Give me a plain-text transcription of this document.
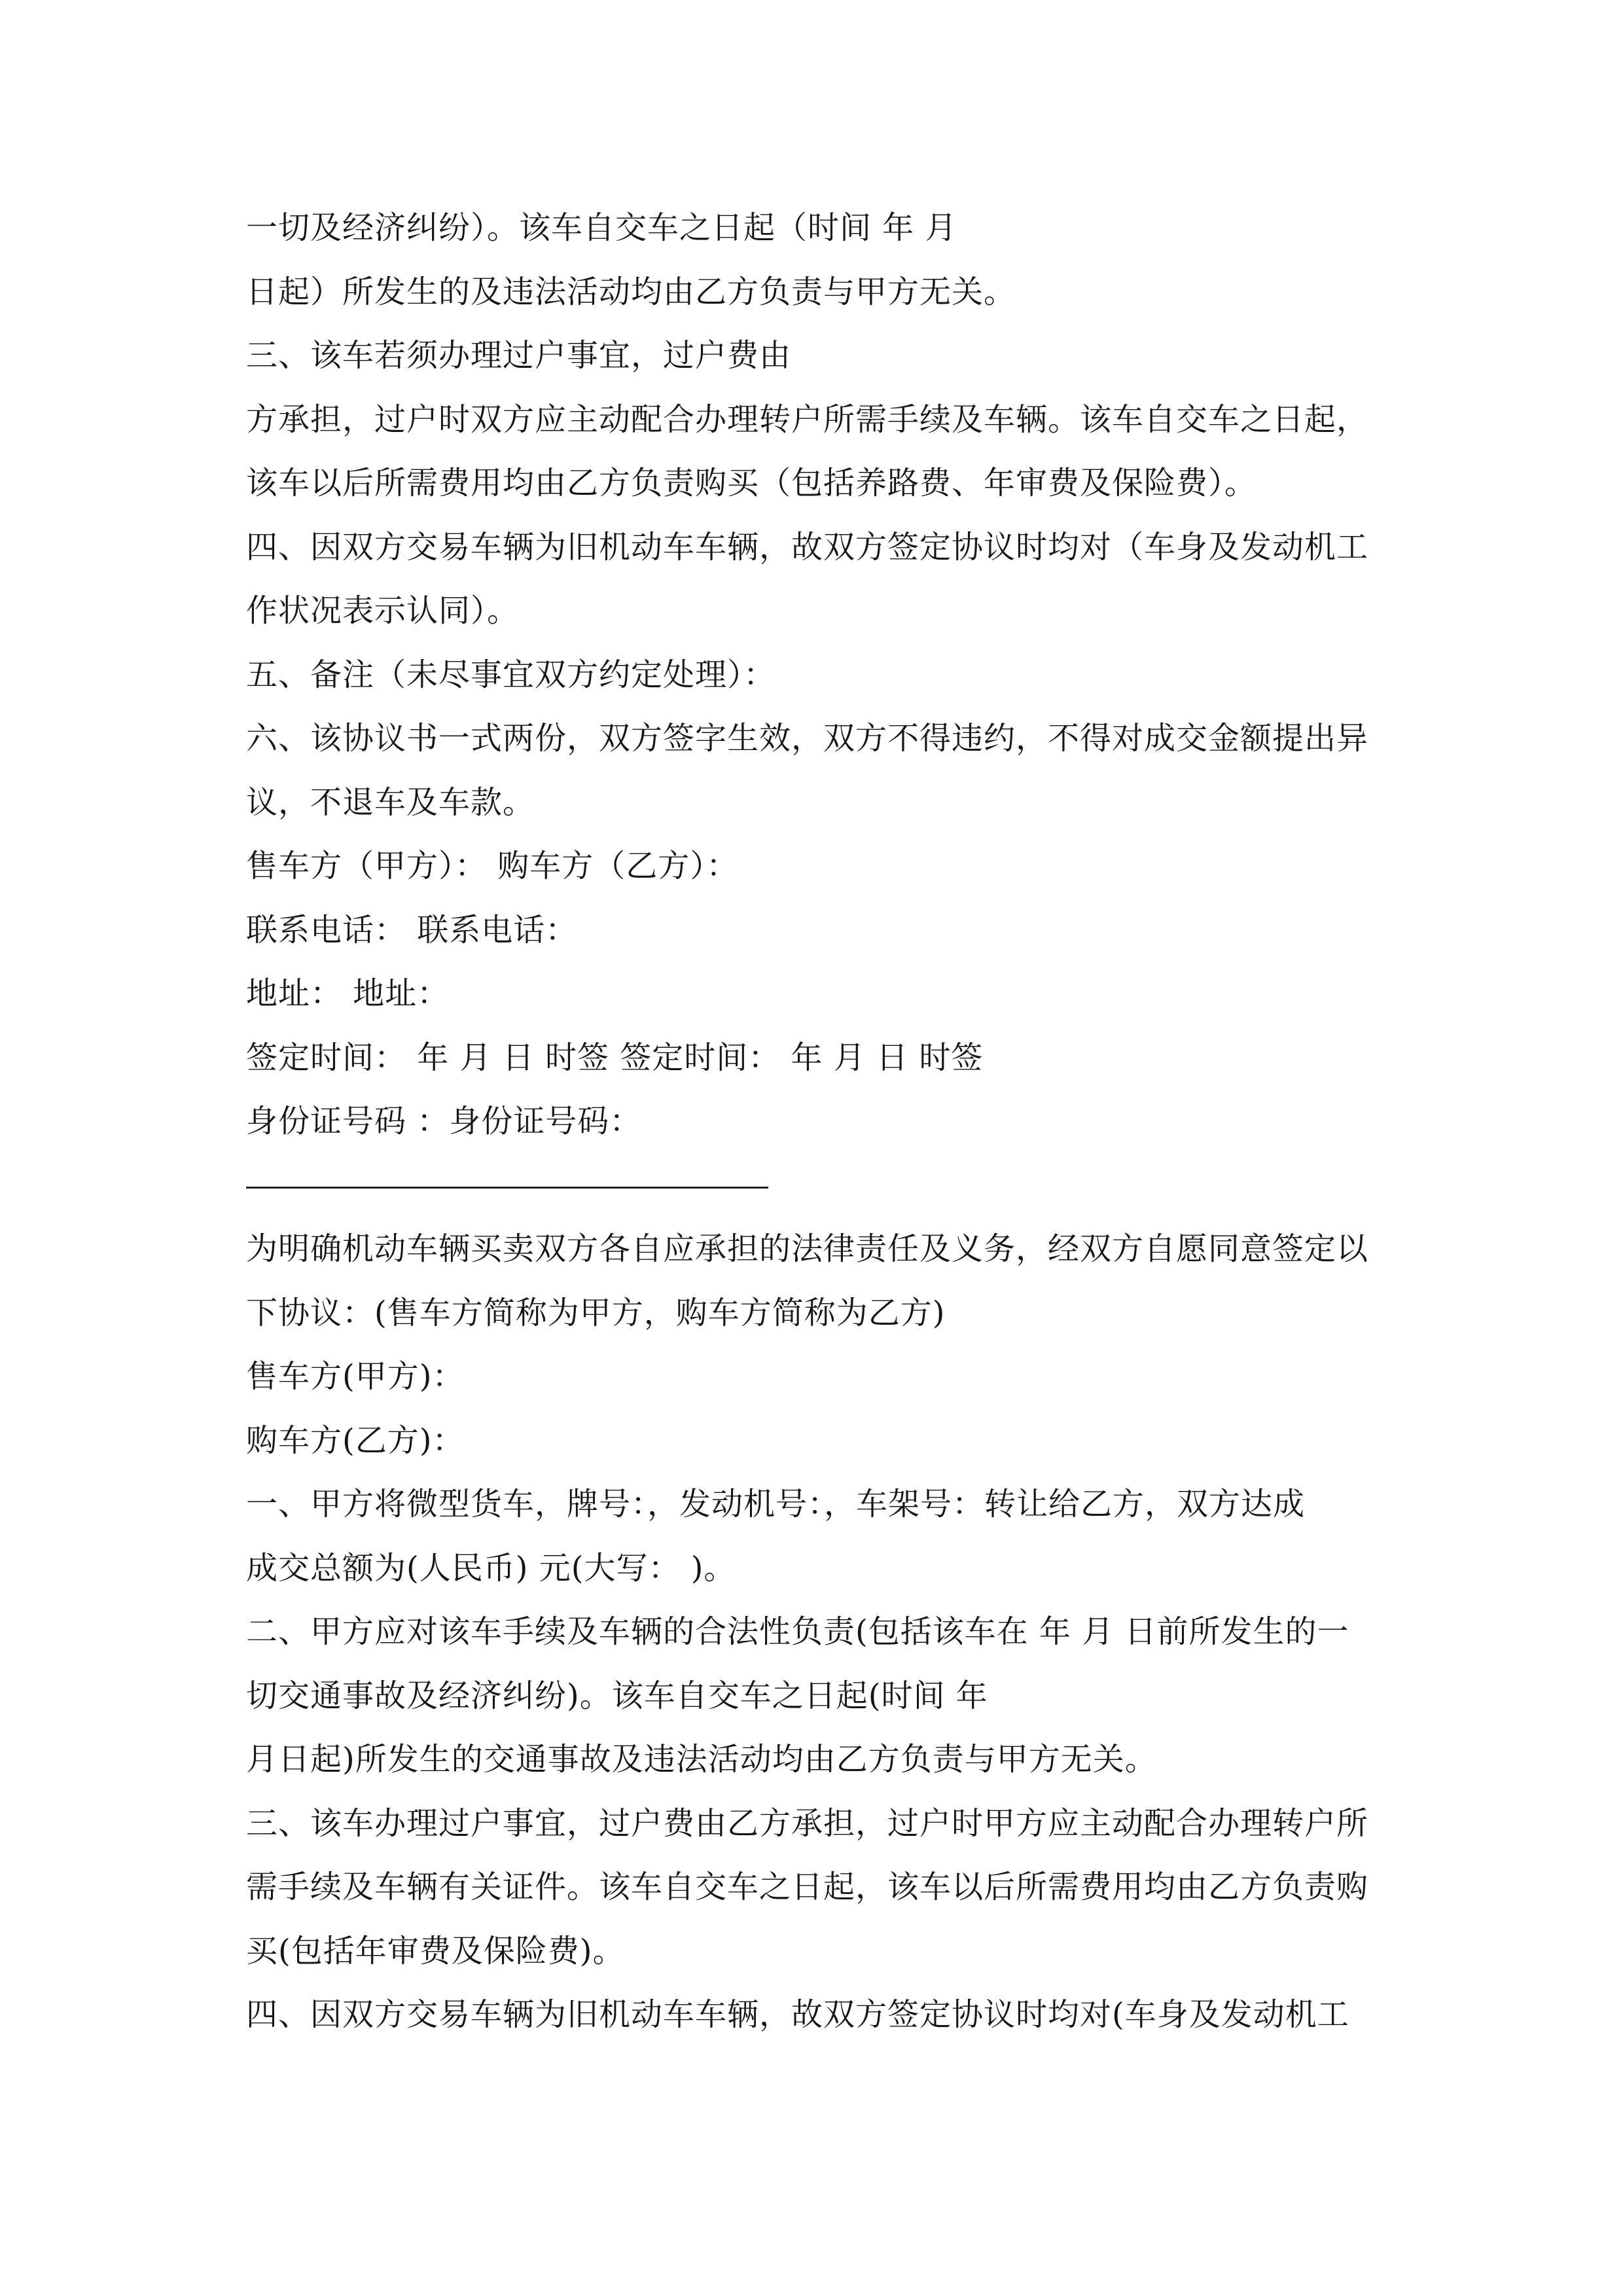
一切及经济纠纷）。该车自交车之日起（时间 年 月
日起）所发生的及违法活动均由乙方负责与甲方无关。
三、该车若须办理过户事宜，过户费由
方承担，过户时双方应主动配合办理转户所需手续及车辆。该车自交车之日起，
该车以后所需费用均由乙方负责购买（包括养路费、年审费及保险费）。
四、因双方交易车辆为旧机动车车辆，故双方签定协议时均对（车身及发动机工
作状况表示认同）。
五、备注（未尽事宜双方约定处理）：
六、该协议书一式两份，双方签字生效，双方不得违约，不得对成交金额提出异
议，不退车及车款。
售车方（甲方）： 购车方（乙方）：
联系电话： 联系电话：
地址： 地址：
签定时间： 年 月 日 时签 签定时间： 年 月 日 时签
身份证号码 ：身份证号码：
为明确机动车辆买卖双方各自应承担的法律责任及义务，经双方自愿同意签定以
下协议：(售车方简称为甲方，购车方简称为乙方)
售车方(甲方)：
购车方(乙方)：
一、甲方将微型货车，牌号：，发动机号：，车架号：转让给乙方，双方达成
成交总额为(人民币) 元(大写： )。
二、甲方应对该车手续及车辆的合法性负责(包括该车在 年 月 日前所发生的一
切交通事故及经济纠纷)。该车自交车之日起(时间 年
月日起)所发生的交通事故及违法活动均由乙方负责与甲方无关。
三、该车办理过户事宜，过户费由乙方承担，过户时甲方应主动配合办理转户所
需手续及车辆有关证件。该车自交车之日起，该车以后所需费用均由乙方负责购
买(包括年审费及保险费)。
四、因双方交易车辆为旧机动车车辆，故双方签定协议时均对(车身及发动机工
